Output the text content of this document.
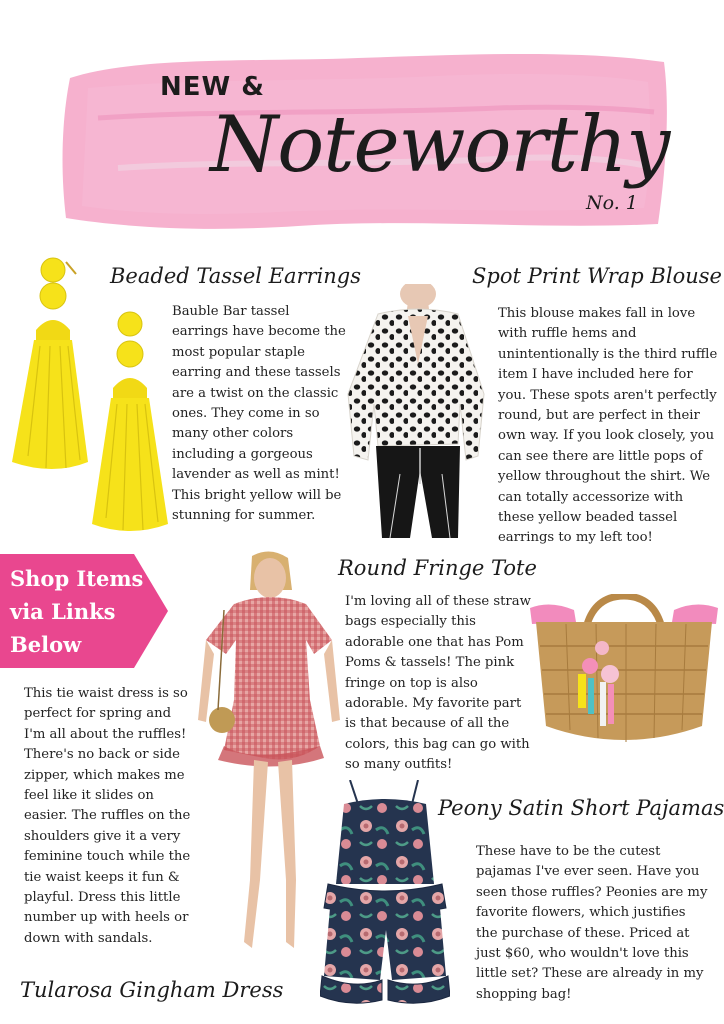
NEW &
Noteworthy
No. 1
Beaded Tassel Earrings

Bauble Bar tassel earrings have become the most popular staple earring and these tassels are a twist on the classic ones. They come in so many other colors including a gorgeous lavender as well as mint! This bright yellow will be stunning for summer.

Spot Print Wrap Blouse

This blouse makes fall in love with ruffle hems and unintentionally is the third ruffle item I have included here for you. These spots aren't perfectly round, but are perfect in their own way. If you look closely, you can see there are little pops of yellow throughout the shirt. We can totally accessorize with these yellow beaded tassel earrings to my left too!

Shop Items via Links Below
Round Fringe Tote

I'm loving all of these straw bags especially this adorable one that has Pom Poms & tassels! The pink fringe on top is also adorable. My favorite part is that because of all the colors, this bag can go with so many outfits!

This tie waist dress is so perfect for spring and I'm all about the ruffles! There's no back or side zipper, which makes me feel like it slides on easier. The ruffles on the shoulders give it a very feminine touch while the tie waist keeps it fun & playful. Dress this little number up with heels or down with sandals.

Tularosa Gingham Dress
Peony Satin Short Pajamas

These have to be the cutest pajamas I've ever seen. Have you seen those ruffles? Peonies are my favorite flowers, which justifies the purchase of these. Priced at just $60, who wouldn't love this little set? These are already in my shopping bag!
